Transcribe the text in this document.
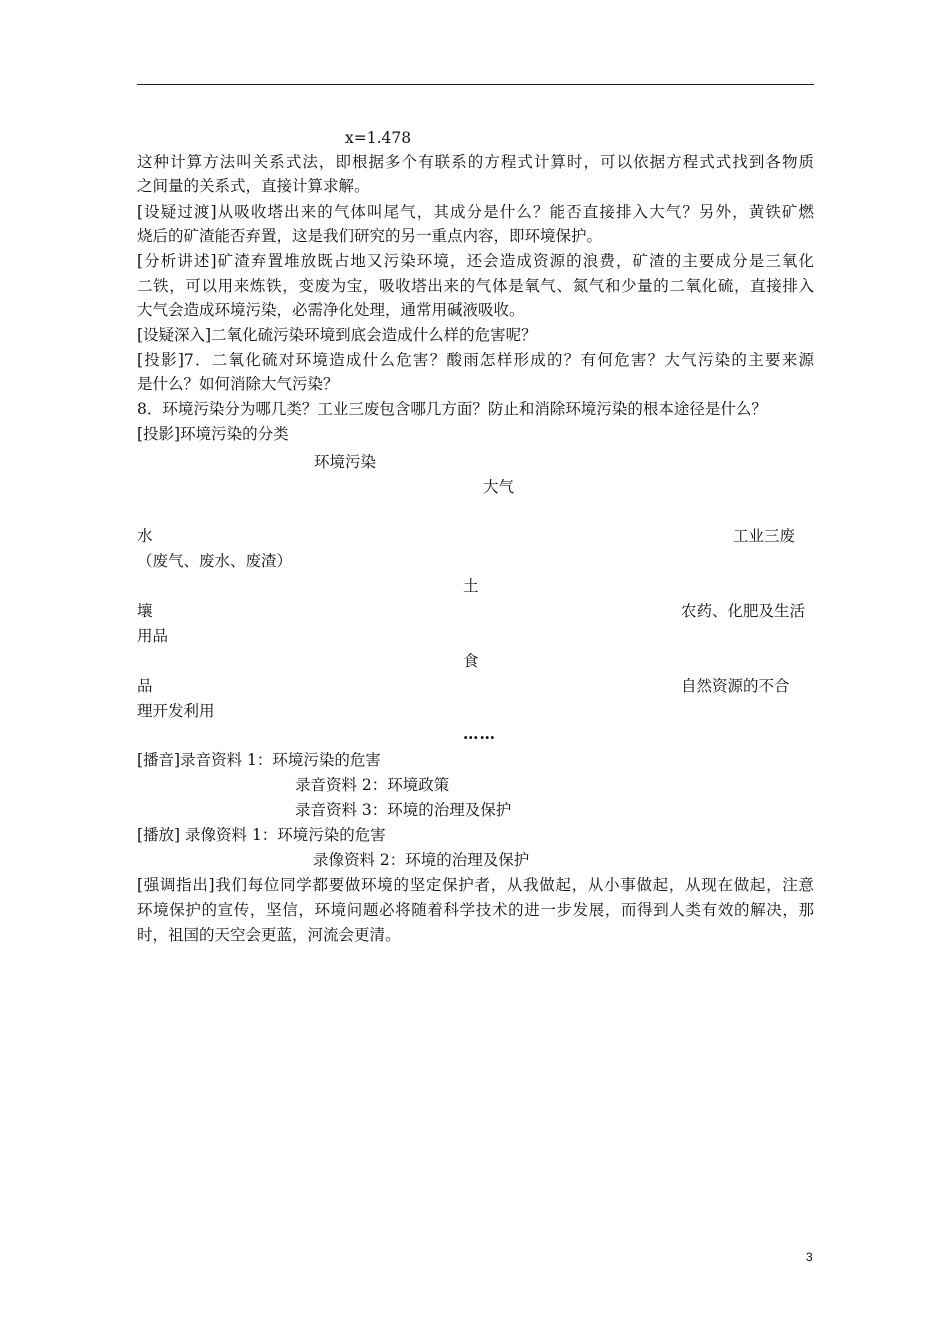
x=1.478
这种计算方法叫关系式法，即根据多个有联系的方程式计算时，可以依据方程式式找到各物质
之间量的关系式，直接计算求解。
[设疑过渡]从吸收塔出来的气体叫尾气，其成分是什么？能否直接排入大气？另外，黄铁矿燃
烧后的矿渣能否弃置，这是我们研究的另一重点内容，即环境保护。
[分析讲述]矿渣弃置堆放既占地又污染环境，还会造成资源的浪费，矿渣的主要成分是三氧化
二铁，可以用来炼铁，变废为宝，吸收塔出来的气体是氧气、氮气和少量的二氧化硫，直接排入
大气会造成环境污染，必需净化处理，通常用碱液吸收。
[设疑深入]二氧化硫污染环境到底会造成什么样的危害呢？
[投影]7．二氧化硫对环境造成什么危害？酸雨怎样形成的？有何危害？大气污染的主要来源
是什么？如何消除大气污染？
8．环境污染分为哪几类？工业三废包含哪几方面？防止和消除环境污染的根本途径是什么？
[投影]环境污染的分类
环境污染
大气
水	工业三废
（废气、废水、废渣）
土
壤	农药、化肥及生活
用品
食
品	自然资源的不合
理开发利用
……
[播音]录音资料 1：环境污染的危害
录音资料 2：环境政策
录音资料 3：环境的治理及保护
[播放] 录像资料 1：环境污染的危害
录像资料 2：环境的治理及保护
[强调指出]我们每位同学都要做环境的坚定保护者，从我做起，从小事做起，从现在做起，注意
环境保护的宣传，坚信，环境问题必将随着科学技术的进一步发展，而得到人类有效的解决，那
时，祖国的天空会更蓝，河流会更清。
3
